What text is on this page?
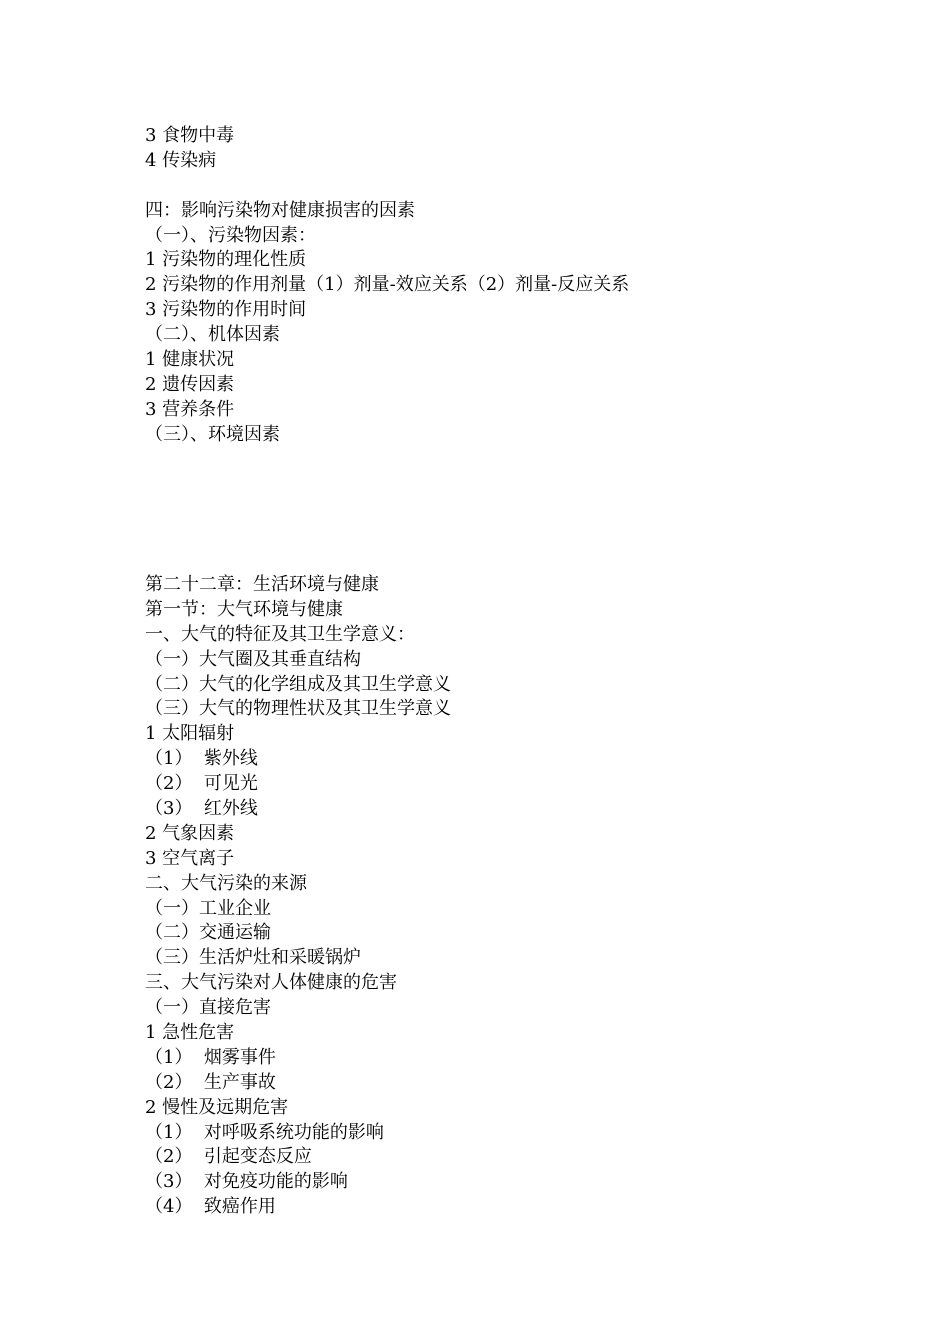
3 食物中毒
4 传染病
四：影响污染物对健康损害的因素
（一）、污染物因素：
1 污染物的理化性质
2 污染物的作用剂量（1）剂量-效应关系（2）剂量-反应关系
3 污染物的作用时间
（二）、机体因素
1 健康状况
2 遗传因素
3 营养条件
（三）、环境因素
第二十二章：生活环境与健康
第一节：大气环境与健康
一、大气的特征及其卫生学意义：
（一）大气圈及其垂直结构
（二）大气的化学组成及其卫生学意义
（三）大气的物理性状及其卫生学意义
1 太阳辐射
（1）  紫外线
（2）  可见光
（3）  红外线
2 气象因素
3 空气离子
二、大气污染的来源
（一）工业企业
（二）交通运输
（三）生活炉灶和采暖锅炉
三、大气污染对人体健康的危害
（一）直接危害
1 急性危害
（1）  烟雾事件
（2）  生产事故
2 慢性及远期危害
（1）  对呼吸系统功能的影响
（2）  引起变态反应
（3）  对免疫功能的影响
（4）  致癌作用
